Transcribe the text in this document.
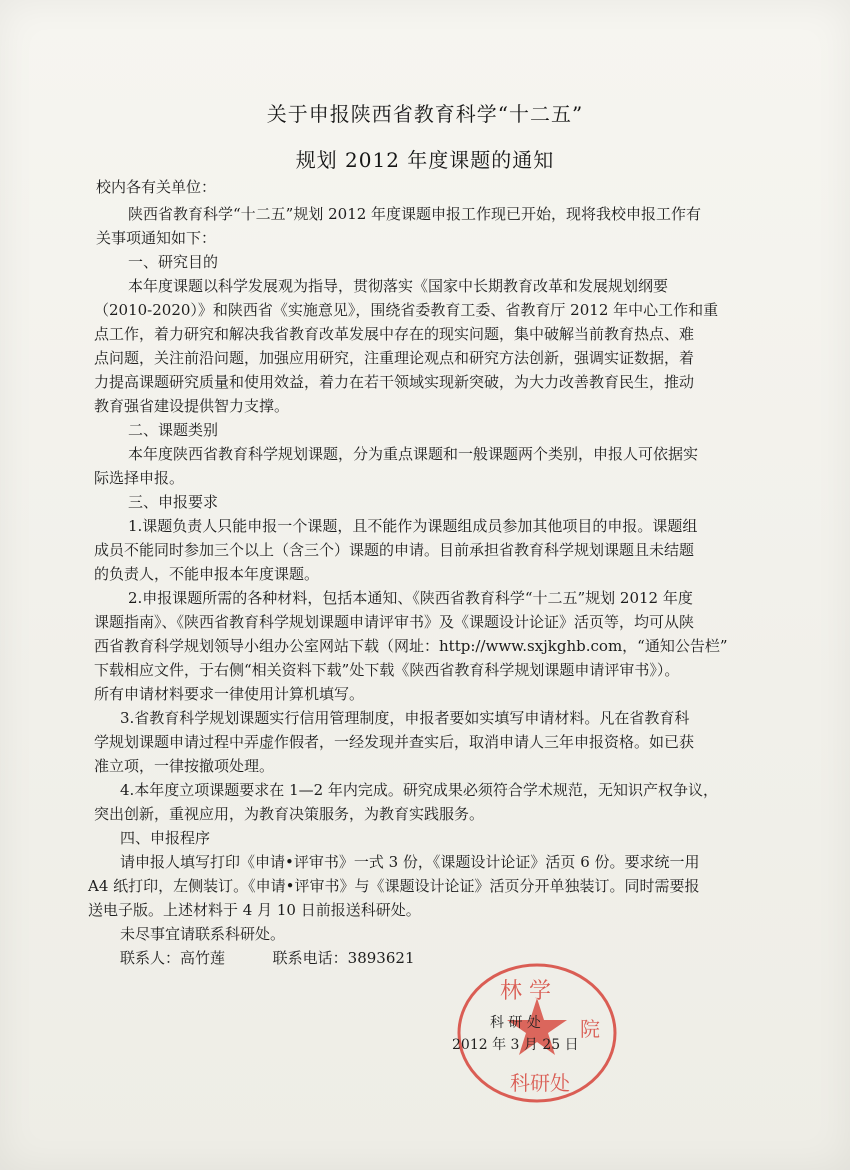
关于申报陕西省教育科学“十二五”
规划 2012 年度课题的通知
校内各有关单位：
陕西省教育科学“十二五”规划 2012 年度课题申报工作现已开始，现将我校申报工作有
关事项通知如下：
一、研究目的
本年度课题以科学发展观为指导，贯彻落实《国家中长期教育改革和发展规划纲要
（2010-2020）》和陕西省《实施意见》，围绕省委教育工委、省教育厅 2012 年中心工作和重
点工作，着力研究和解决我省教育改革发展中存在的现实问题，集中破解当前教育热点、难
点问题，关注前沿问题，加强应用研究，注重理论观点和研究方法创新，强调实证数据，着
力提高课题研究质量和使用效益，着力在若干领域实现新突破，为大力改善教育民生，推动
教育强省建设提供智力支撑。
二、课题类别
本年度陕西省教育科学规划课题，分为重点课题和一般课题两个类别，申报人可依据实
际选择申报。
三、申报要求
1.课题负责人只能申报一个课题，且不能作为课题组成员参加其他项目的申报。课题组
成员不能同时参加三个以上（含三个）课题的申请。目前承担省教育科学规划课题且未结题
的负责人，不能申报本年度课题。
2.申报课题所需的各种材料，包括本通知、《陕西省教育科学“十二五”规划 2012 年度
课题指南》、《陕西省教育科学规划课题申请评审书》及《课题设计论证》活页等，均可从陕
西省教育科学规划领导小组办公室网站下载（网址：http://www.sxjkghb.com，“通知公告栏”
下载相应文件，于右侧“相关资料下载”处下载《陕西省教育科学规划课题申请评审书》）。
所有申请材料要求一律使用计算机填写。
3.省教育科学规划课题实行信用管理制度，申报者要如实填写申请材料。凡在省教育科
学规划课题申请过程中弄虚作假者，一经发现并查实后，取消申请人三年申报资格。如已获
准立项，一律按撤项处理。
4.本年度立项课题要求在 1—2 年内完成。研究成果必须符合学术规范，无知识产权争议，
突出创新，重视应用，为教育决策服务，为教育实践服务。
四、申报程序
请申报人填写打印《申请•评审书》一式 3 份，《课题设计论证》活页 6 份。要求统一用
A4 纸打印，左侧装订。《申请•评审书》与《课题设计论证》活页分开单独装订。同时需要报
送电子版。上述材料于 4 月 10 日前报送科研处。
未尽事宜请联系科研处。
联系人：高竹莲          联系电话：3893621
林 学
院
科研处
科 研 处
2012 年 3 月 25 日
